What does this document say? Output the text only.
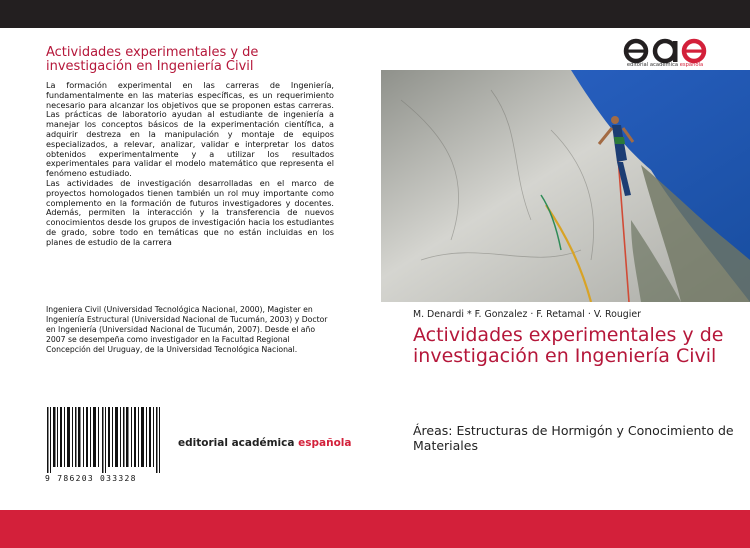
Actividades experimentales y de
investigación en Ingeniería Civil

La formación experimental en las carreras de Ingeniería, fundamentalmente en las materias específicas, es un requerimiento necesario para alcanzar los objetivos que se proponen estas carreras. Las prácticas de laboratorio ayudan al estudiante de ingeniería a manejar los conceptos básicos de la experimentación científica, a adquirir destreza en la manipulación y montaje de equipos especializados, a relevar, analizar, validar e interpretar los datos obtenidos experimentalmente y a utilizar los resultados experimentales para validar el modelo matemático que representa el fenómeno estudiado.

Las actividades de investigación desarrolladas en el marco de proyectos homologados tienen también un rol muy importante como complemento en la formación de futuros investigadores y docentes. Además, permiten la interacción y la transferencia de nuevos conocimientos desde los grupos de investigación hacia los estudiantes de grado, sobre todo en temáticas que no están incluidas en los planes de estudio de la carrera

Ingeniera Civil (Universidad Tecnológica Nacional, 2000), Magister en Ingeniería Estructural (Universidad Nacional de Tucumán, 2003) y Doctor en Ingeniería (Universidad Nacional de Tucumán, 2007). Desde el año 2007 se desempeña como investigador en la Facultad Regional Concepción del Uruguay, de la Universidad Tecnológica Nacional.
9 786203 033328
editorial académica española
editorial académica española
M. Denardi * F. Gonzalez · F. Retamal · V. Rougier
Actividades experimentales y de investigación en Ingeniería Civil
Áreas: Estructuras de Hormigón y Conocimiento de Materiales
